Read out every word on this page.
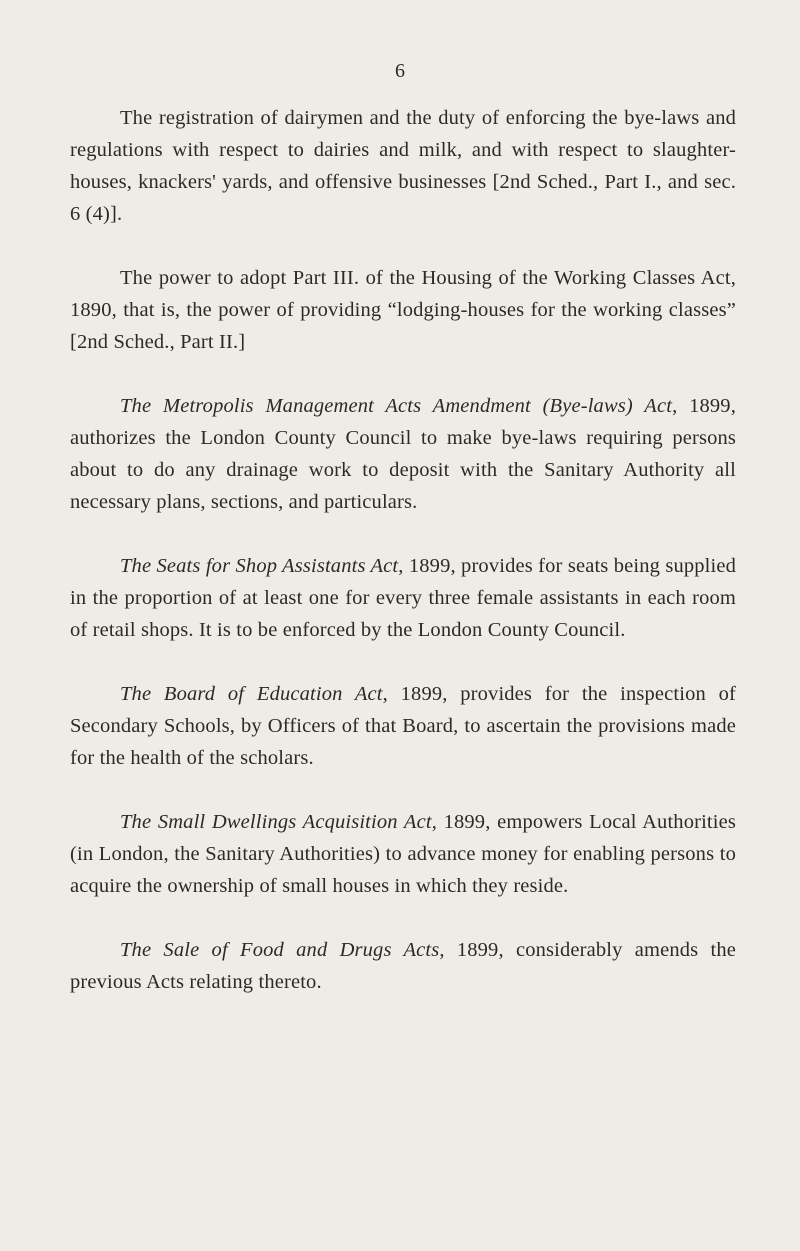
6

The registration of dairymen and the duty of enforcing the bye-laws and regulations with respect to dairies and milk, and with respect to slaughter-houses, knackers' yards, and offensive businesses [2nd Sched., Part I., and sec. 6 (4)].

The power to adopt Part III. of the Housing of the Working Classes Act, 1890, that is, the power of providing “lodging-houses for the working classes” [2nd Sched., Part II.]

The Metropolis Management Acts Amendment (Bye-laws) Act, 1899, authorizes the London County Council to make bye-laws requiring persons about to do any drainage work to deposit with the Sanitary Authority all necessary plans, sections, and particulars.

The Seats for Shop Assistants Act, 1899, provides for seats being supplied in the proportion of at least one for every three female assistants in each room of retail shops. It is to be enforced by the London County Council.

The Board of Education Act, 1899, provides for the inspection of Secondary Schools, by Officers of that Board, to ascertain the provisions made for the health of the scholars.

The Small Dwellings Acquisition Act, 1899, empowers Local Authorities (in London, the Sanitary Authorities) to advance money for enabling persons to acquire the ownership of small houses in which they reside.

The Sale of Food and Drugs Acts, 1899, considerably amends the previous Acts relating thereto.
